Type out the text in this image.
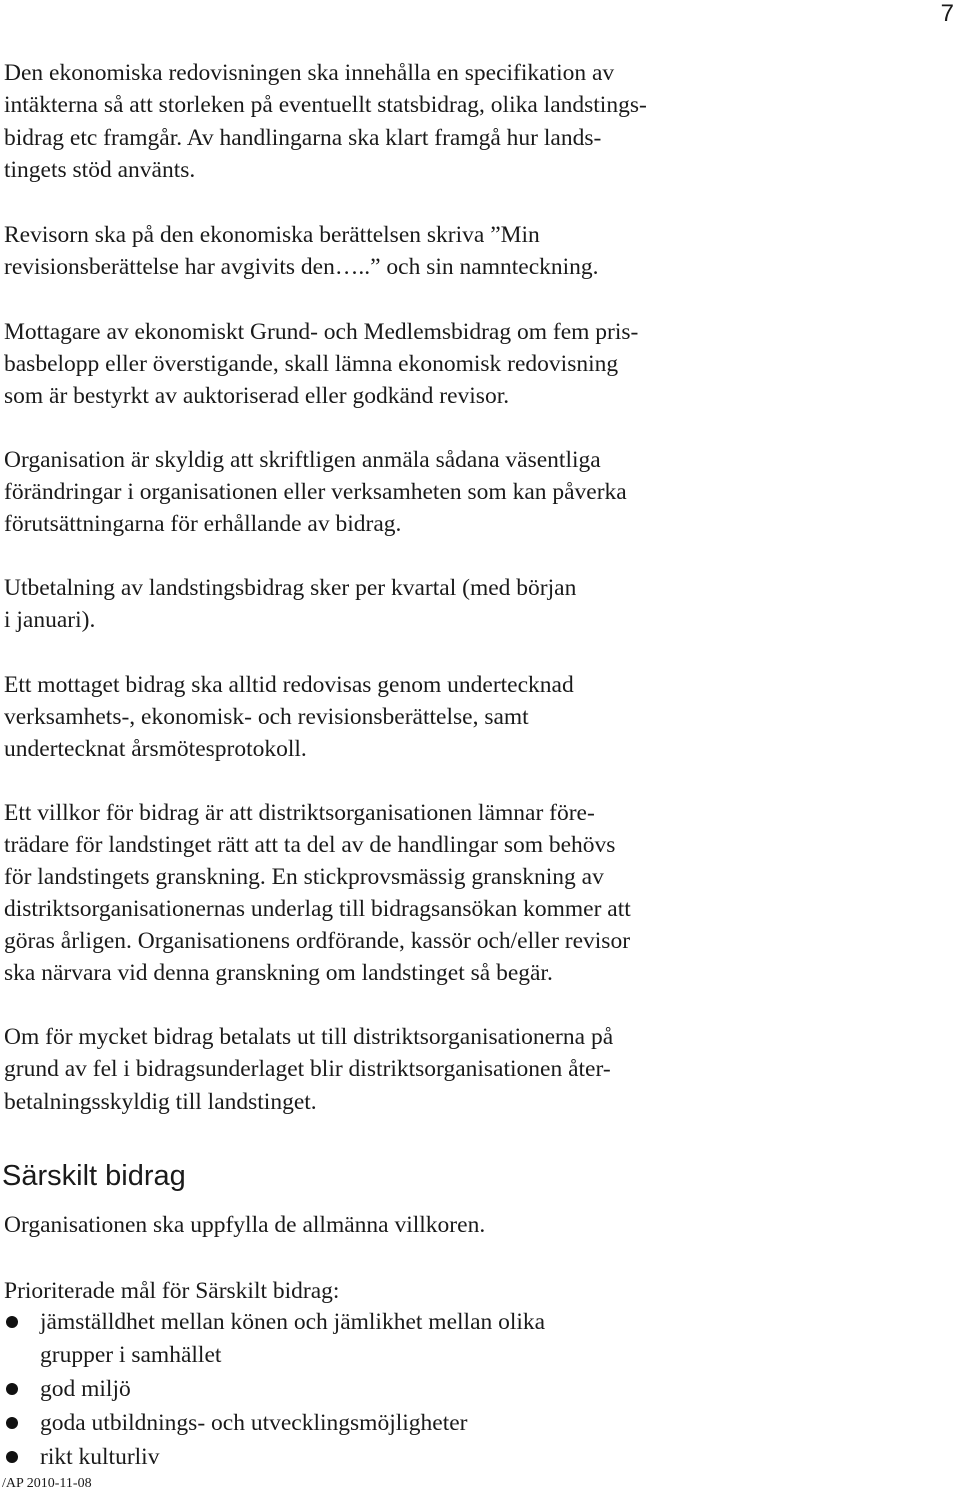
7
Den ekonomiska redovisningen ska innehålla en specifikation av
intäkterna så att storleken på eventuellt statsbidrag, olika landstings-
bidrag etc framgår. Av handlingarna ska klart framgå hur lands-
tingets stöd använts.
Revisorn ska på den ekonomiska berättelsen skriva ”Min
revisionsberättelse har avgivits den…..” och sin namnteckning.
Mottagare av ekonomiskt Grund- och Medlemsbidrag om fem pris-
basbelopp eller överstigande, skall lämna ekonomisk redovisning
som är bestyrkt av auktoriserad eller godkänd revisor.
Organisation är skyldig att skriftligen anmäla sådana väsentliga
förändringar i organisationen eller verksamheten som kan påverka
förutsättningarna för erhållande av bidrag.
Utbetalning av landstingsbidrag sker per kvartal (med början
i januari).
Ett mottaget bidrag ska alltid redovisas genom undertecknad
verksamhets-, ekonomisk- och revisionsberättelse, samt
undertecknat årsmötesprotokoll.
Ett villkor för bidrag är att distriktsorganisationen lämnar före-
trädare för landstinget rätt att ta del av de handlingar som behövs
för landstingets granskning. En stickprovsmässig granskning av
distriktsorganisationernas underlag till bidragsansökan kommer att
göras årligen. Organisationens ordförande, kassör och/eller revisor
ska närvara vid denna granskning om landstinget så begär.
Om för mycket bidrag betalats ut till distriktsorganisationerna på
grund av fel i bidragsunderlaget blir distriktsorganisationen åter-
betalningsskyldig till landstinget.
Särskilt bidrag
Organisationen ska uppfylla de allmänna villkoren.
Prioriterade mål för Särskilt bidrag:
jämställdhet mellan könen och jämlikhet mellan olika
grupper i samhället
god miljö
goda utbildnings- och utvecklingsmöjligheter
rikt kulturliv
/AP 2010-11-08
